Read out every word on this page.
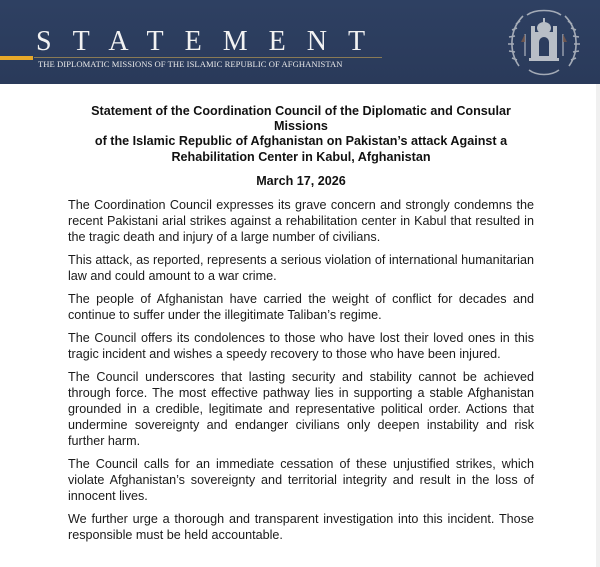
STATEMENT
THE DIPLOMATIC MISSIONS OF THE ISLAMIC REPUBLIC OF AFGHANISTAN
Statement of the Coordination Council of the Diplomatic and Consular Missions
of the Islamic Republic of Afghanistan on Pakistan’s attack Against a
Rehabilitation Center in Kabul, Afghanistan
March 17, 2026

The Coordination Council expresses its grave concern and strongly condemns the recent Pakistani arial strikes against a rehabilitation center in Kabul that resulted in the tragic death and injury of a large number of civilians.

This attack, as reported, represents a serious violation of international humanitarian law and could amount to a war crime.

The people of Afghanistan have carried the weight of conflict for decades and continue to suffer under the illegitimate Taliban’s regime.

The Council offers its condolences to those who have lost their loved ones in this tragic incident and wishes a speedy recovery to those who have been injured.

The Council underscores that lasting security and stability cannot be achieved through force. The most effective pathway lies in supporting a stable Afghanistan grounded in a credible, legitimate and representative political order. Actions that undermine sovereignty and endanger civilians only deepen instability and risk further harm.

The Council calls for an immediate cessation of these unjustified strikes, which violate Afghanistan’s sovereignty and territorial integrity and result in the loss of innocent lives.

We further urge a thorough and transparent investigation into this incident. Those responsible must be held accountable.
